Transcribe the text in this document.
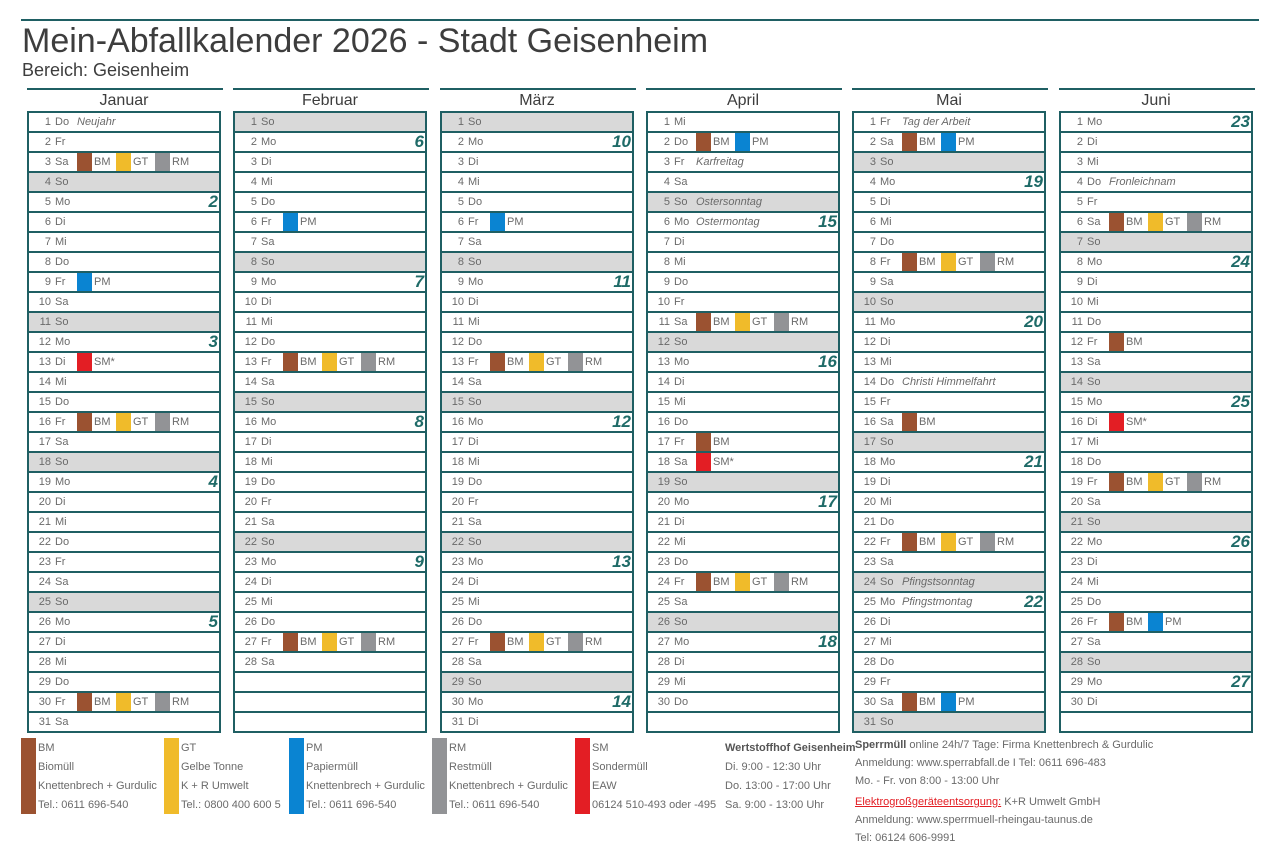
Mein-Abfallkalender 2026 - Stadt Geisenheim
Bereich: Geisenheim
Januar
1 Do Neujahr
2 Fr
3 Sa BM	GT	RM
4 So
5 Mo	2
6 Di
7 Mi
8 Do
9 Fr	PM
10 Sa
11 So
12 Mo	3
13 Di	SM*
14 Mi
15 Do
16 Fr	BM	GT	RM
17 Sa
18 So
19 Mo	4
20 Di
21 Mi
22 Do
23 Fr
24 Sa
25 So
26 Mo	5
27 Di
28 Mi
29 Do
30 Fr	BM	GT	RM
31 Sa
Februar
1 So
2 Mo	6
3 Di
4 Mi
5 Do
6 Fr	PM
7 Sa
8 So
9 Mo	7
10 Di
11 Mi
12 Do
13 Fr	BM	GT	RM
14 Sa
15 So
16 Mo	8
17 Di
18 Mi
19 Do
20 Fr
21 Sa
22 So
23 Mo	9
24 Di
25 Mi
26 Do
27 Fr	BM	GT	RM
28 Sa
März
1 So
2 Mo	10
3 Di
4 Mi
5 Do
6 Fr	PM
7 Sa
8 So
9 Mo	11
10 Di
11 Mi
12 Do
13 Fr	BM	GT	RM
14 Sa
15 So
16 Mo	12
17 Di
18 Mi
19 Do
20 Fr
21 Sa
22 So
23 Mo	13
24 Di
25 Mi
26 Do
27 Fr	BM	GT	RM
28 Sa
29 So
30 Mo	14
31 Di
April
1 Mi
2 Do BM	PM
3 Fr Karfreitag
4 Sa
5 So Ostersonntag
6 Mo Ostermontag	15
7 Di
8 Mi
9 Do
10 Fr
11 Sa BM	GT	RM
12 So
13 Mo	16
14 Di
15 Mi
16 Do
17 Fr	BM
18 Sa SM*
19 So
20 Mo	17
21 Di
22 Mi
23 Do
24 Fr	BM	GT	RM
25 Sa
26 So
27 Mo	18
28 Di
29 Mi
30 Do
Mai
1 Fr Tag der Arbeit
2 Sa BM	PM
3 So
4 Mo	19
5 Di
6 Mi
7 Do
8 Fr	BM	GT	RM
9 Sa
10 So
11 Mo	20
12 Di
13 Mi
14 Do Christi Himmelfahrt
15 Fr
16 Sa BM
17 So
18 Mo	21
19 Di
20 Mi
21 Do
22 Fr	BM	GT	RM
23 Sa
24 So Pfingstsonntag
25 Mo Pfingstmontag	22
26 Di
27 Mi
28 Do
29 Fr
30 Sa BM	PM
31 So
Juni
1 Mo	23
2 Di
3 Mi
4 Do Fronleichnam
5 Fr
6 Sa BM	GT	RM
7 So
8 Mo	24
9 Di
10 Mi
11 Do
12 Fr	BM
13 Sa
14 So
15 Mo	25
16 Di	SM*
17 Mi
18 Do
19 Fr	BM	GT	RM
20 Sa
21 So
22 Mo	26
23 Di
24 Mi
25 Do
26 Fr	BM	PM
27 Sa
28 So
29 Mo	27
30 Di
BM
Biomüll
Knettenbrech + Gurdulic
Tel.: 0611 696-540
GT
Gelbe Tonne
K + R Umwelt
Tel.: 0800 400 600 5
PM
Papiermüll
Knettenbrech + Gurdulic
Tel.: 0611 696-540
RM
Restmüll
Knettenbrech + Gurdulic
Tel.: 0611 696-540
SM
Sondermüll
EAW
06124 510-493 oder -495
Wertstoffhof Geisenheim
Di. 9:00 - 12:30 Uhr
Do. 13:00 - 17:00 Uhr
Sa. 9:00 - 13:00 Uhr
Sperrmüll online 24h/7 Tage: Firma Knettenbrech & Gurdulic
Anmeldung: www.sperrabfall.de I Tel: 0611 696-483
Mo. - Fr. von 8:00 - 13:00 Uhr
Elektrogroßgeräteentsorgung: K+R Umwelt GmbH
Anmeldung: www.sperrmuell-rheingau-taunus.de
Tel: 06124 606-9991
